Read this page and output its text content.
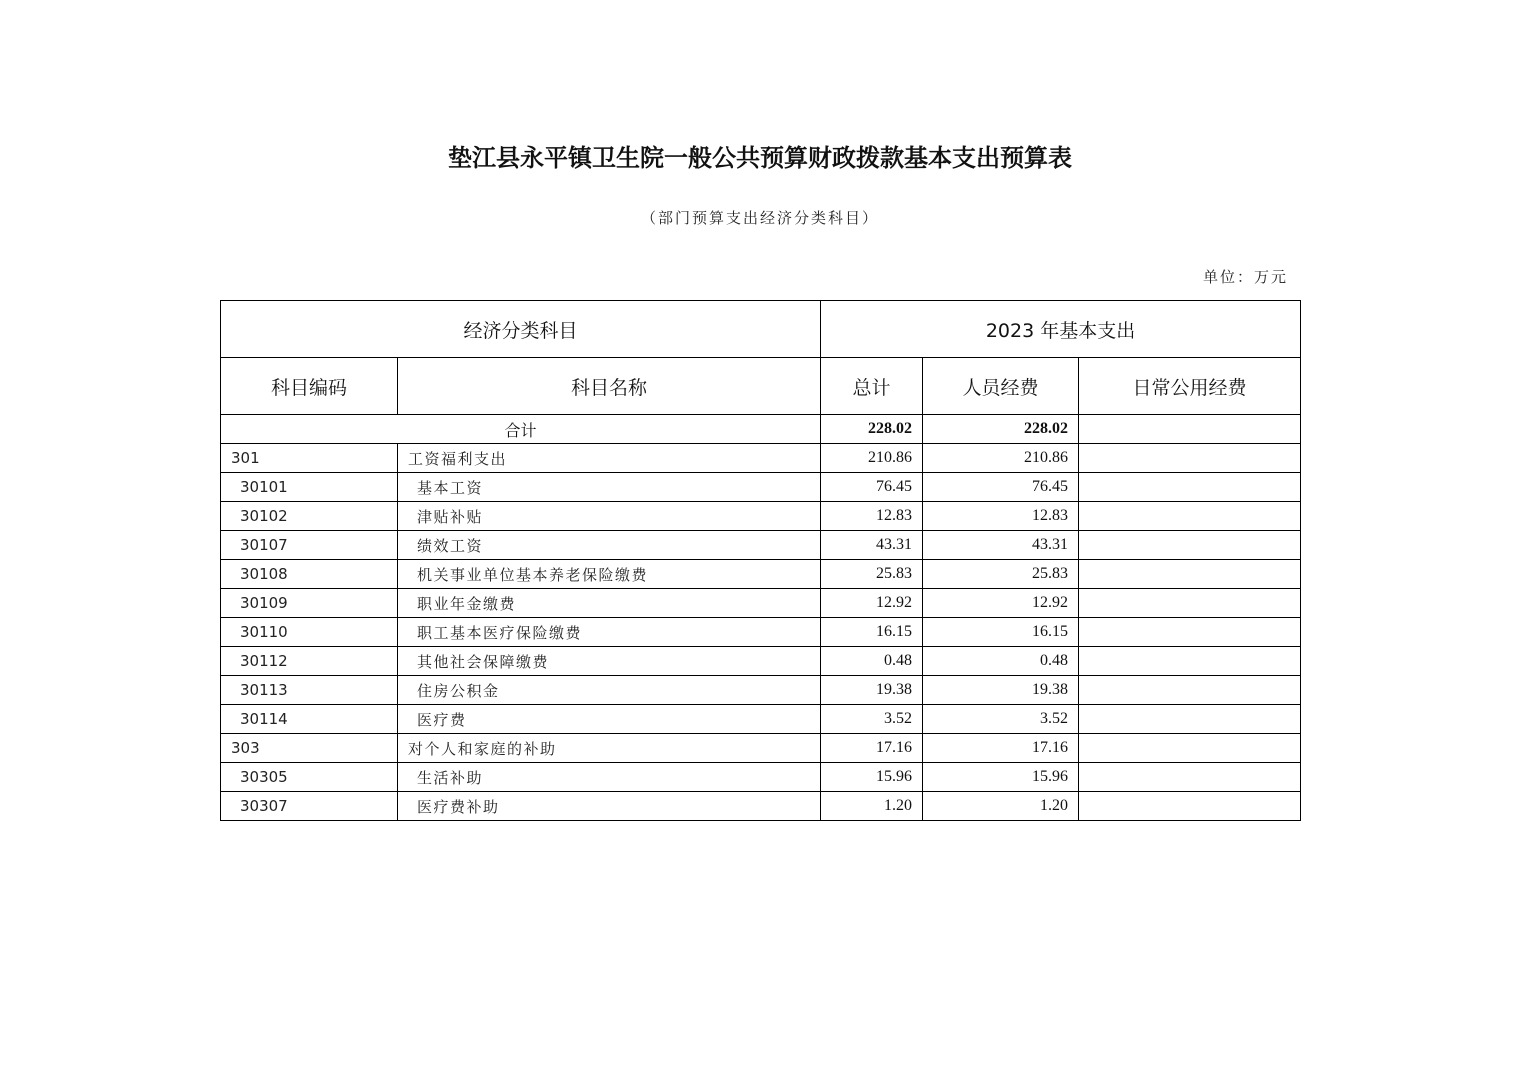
垫江县永平镇卫生院一般公共预算财政拨款基本支出预算表
（部门预算支出经济分类科目）
单位：万元
经济分类科目		2023 年基本支出		
科目编码	科目名称	总计	人员经费	日常公用经费
合计		228.02	228.02	
301	工资福利支出	210.86	210.86	
30101	基本工资	76.45	76.45	
30102	津贴补贴	12.83	12.83	
30107	绩效工资	43.31	43.31	
30108	机关事业单位基本养老保险缴费	25.83	25.83	
30109	职业年金缴费	12.92	12.92	
30110	职工基本医疗保险缴费	16.15	16.15	
30112	其他社会保障缴费	0.48	0.48	
30113	住房公积金	19.38	19.38	
30114	医疗费	3.52	3.52	
303	对个人和家庭的补助	17.16	17.16	
30305	生活补助	15.96	15.96	
30307	医疗费补助	1.20	1.20	
